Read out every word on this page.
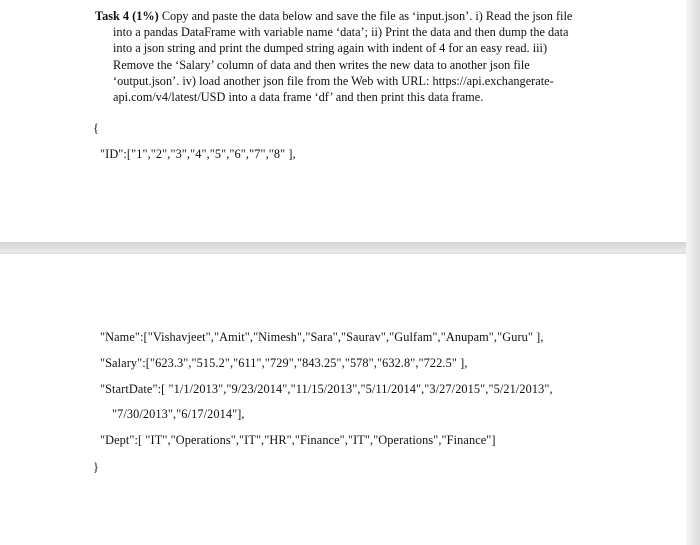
Task 4 (1%) Copy and paste the data below and save the file as ‘input.json’. i) Read the json file
into a pandas DataFrame with variable name ‘data’; ii) Print the data and then dump the data
into a json string and print the dumped string again with indent of 4 for an easy read. iii)
Remove the ‘Salary’ column of data and then writes the new data to another json file
‘output.json’. iv) load another json file from the Web with URL: https://api.exchangerate-
api.com/v4/latest/USD into a data frame ‘df’ and then print this data frame.
{
"ID":["1","2","3","4","5","6","7","8" ],
"Name":["Vishavjeet","Amit","Nimesh","Sara","Saurav","Gulfam","Anupam","Guru" ],
"Salary":["623.3","515.2","611","729","843.25","578","632.8","722.5" ],
"StartDate":[ "1/1/2013","9/23/2014","11/15/2013","5/11/2014","3/27/2015","5/21/2013",
"7/30/2013","6/17/2014"],
"Dept":[ "IT","Operations","IT","HR","Finance","IT","Operations","Finance"]
}
